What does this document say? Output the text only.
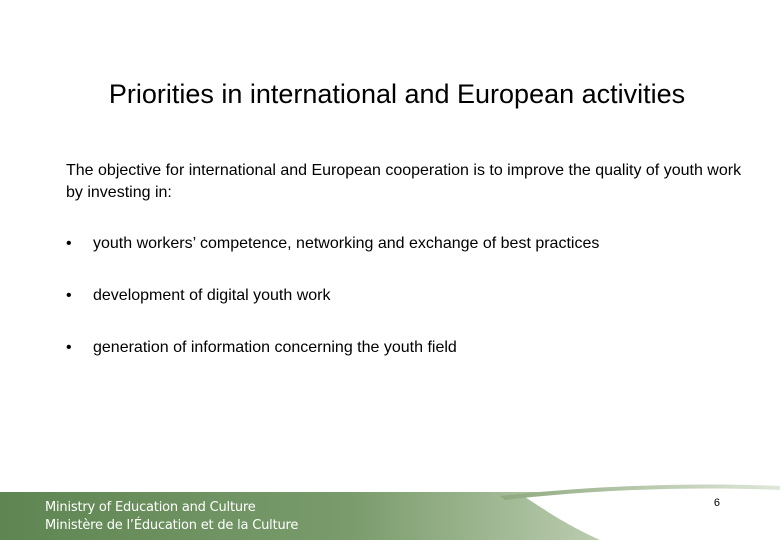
Priorities in international and European activities

The objective for international and European cooperation is to improve the quality of youth work by investing in:

•	youth workers’ competence, networking and exchange of best practices
•	development of digital youth work
•	generation of information concerning the youth field
Ministry of Education and Culture
Ministère de l’Éducation et de la Culture
6
